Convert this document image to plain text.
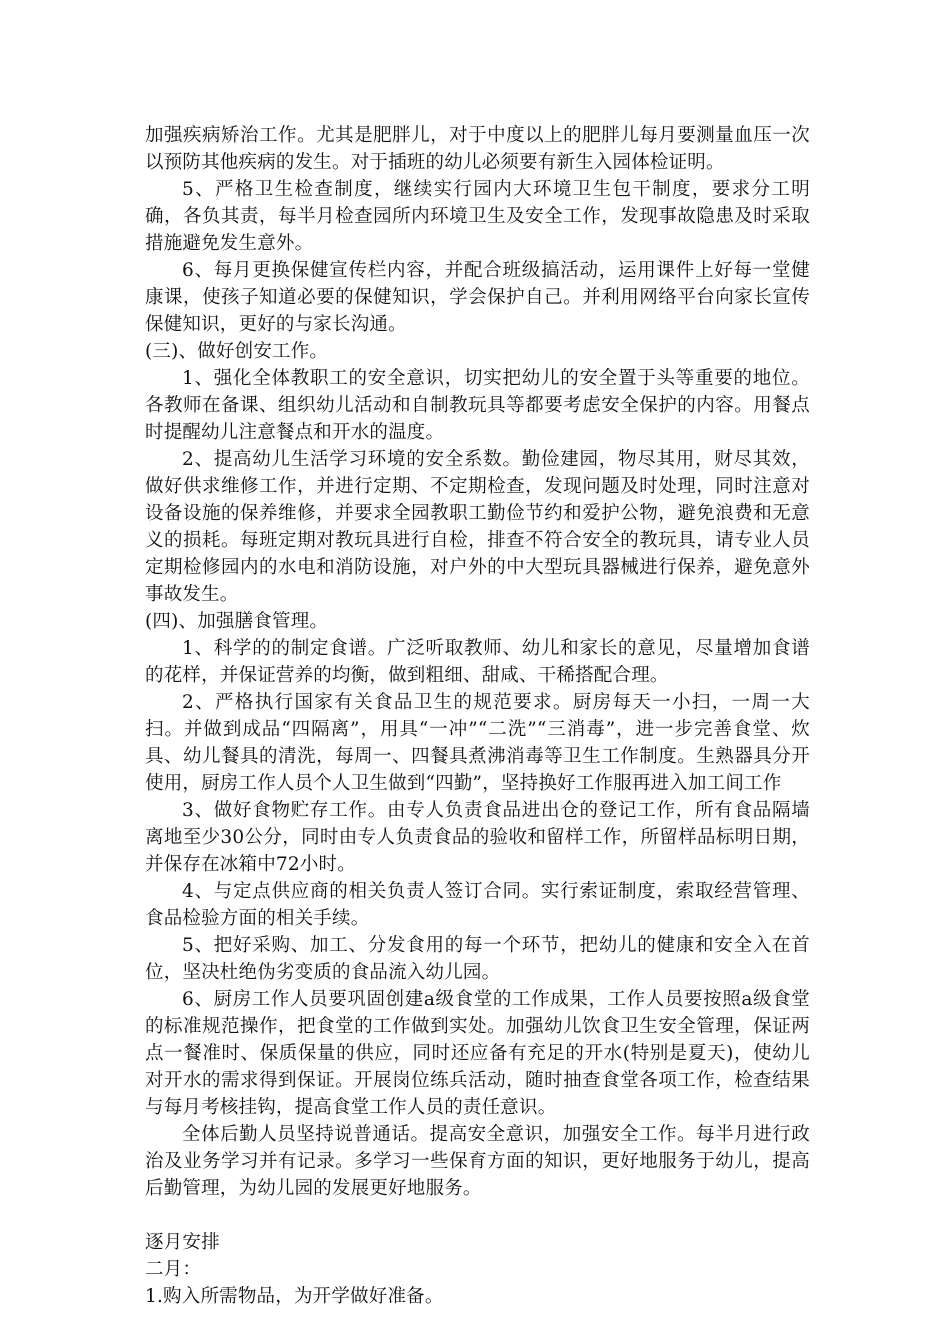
加强疾病矫治工作。尤其是肥胖儿，对于中度以上的肥胖儿每月要测量血压一次以预防其他疾病的发生。对于插班的幼儿必须要有新生入园体检证明。

5、严格卫生检查制度，继续实行园内大环境卫生包干制度，要求分工明确，各负其责，每半月检查园所内环境卫生及安全工作，发现事故隐患及时采取措施避免发生意外。

6、每月更换保健宣传栏内容，并配合班级搞活动，运用课件上好每一堂健康课，使孩子知道必要的保健知识，学会保护自己。并利用网络平台向家长宣传保健知识，更好的与家长沟通。

(三)、做好创安工作。

1、强化全体教职工的安全意识，切实把幼儿的安全置于头等重要的地位。各教师在备课、组织幼儿活动和自制教玩具等都要考虑安全保护的内容。用餐点时提醒幼儿注意餐点和开水的温度。

2、提高幼儿生活学习环境的安全系数。勤俭建园，物尽其用，财尽其效，做好供求维修工作，并进行定期、不定期检查，发现问题及时处理，同时注意对设备设施的保养维修，并要求全园教职工勤俭节约和爱护公物，避免浪费和无意义的损耗。每班定期对教玩具进行自检，排查不符合安全的教玩具，请专业人员定期检修园内的水电和消防设施，对户外的中大型玩具器械进行保养，避免意外事故发生。

(四)、加强膳食管理。

1、科学的的制定食谱。广泛听取教师、幼儿和家长的意见，尽量增加食谱的花样，并保证营养的均衡，做到粗细、甜咸、干稀搭配合理。

2、严格执行国家有关食品卫生的规范要求。厨房每天一小扫，一周一大扫。并做到成品“四隔离”，用具“一冲”“二洗”“三消毒”，进一步完善食堂、炊具、幼儿餐具的清洗，每周一、四餐具煮沸消毒等卫生工作制度。生熟器具分开使用，厨房工作人员个人卫生做到“四勤”，坚持换好工作服再进入加工间工作

3、做好食物贮存工作。由专人负责食品进出仓的登记工作，所有食品隔墙离地至少30公分，同时由专人负责食品的验收和留样工作，所留样品标明日期，并保存在冰箱中72小时。

4、与定点供应商的相关负责人签订合同。实行索证制度，索取经营管理、食品检验方面的相关手续。

5、把好采购、加工、分发食用的每一个环节，把幼儿的健康和安全入在首位，坚决杜绝伪劣变质的食品流入幼儿园。

6、厨房工作人员要巩固创建a级食堂的工作成果，工作人员要按照a级食堂的标准规范操作，把食堂的工作做到实处。加强幼儿饮食卫生安全管理，保证两点一餐准时、保质保量的供应，同时还应备有充足的开水(特别是夏天)，使幼儿对开水的需求得到保证。开展岗位练兵活动，随时抽查食堂各项工作，检查结果与每月考核挂钩，提高食堂工作人员的责任意识。

全体后勤人员坚持说普通话。提高安全意识，加强安全工作。每半月进行政治及业务学习并有记录。多学习一些保育方面的知识，更好地服务于幼儿，提高后勤管理，为幼儿园的发展更好地服务。

逐月安排

二月：

1.购入所需物品，为开学做好准备。
